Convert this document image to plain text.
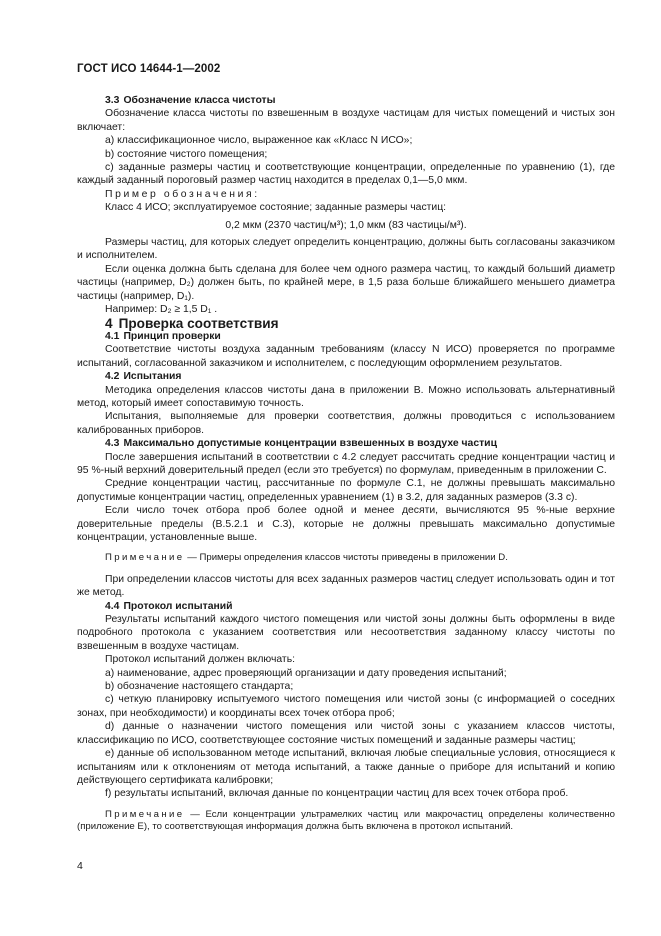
ГОСТ ИСО 14644-1—2002

3.3 Обозначение класса чистоты

Обозначение класса чистоты по взвешенным в воздухе частицам для чистых помещений и чистых зон включает:

a) классификационное число, выраженное как «Класс N ИСО»;

b) состояние чистого помещения;

c) заданные размеры частиц и соответствующие концентрации, определенные по уравнению (1), где каждый заданный пороговый размер частиц находится в пределах 0,1—5,0 мкм.

Пример обозначения:

Класс 4 ИСО; эксплуатируемое состояние; заданные размеры частиц:

0,2 мкм (2370 частиц/м³); 1,0 мкм (83 частицы/м³).

Размеры частиц, для которых следует определить концентрацию, должны быть согласованы заказчиком и исполнителем.

Если оценка должна быть сделана для более чем одного размера частиц, то каждый больший диаметр частицы (например, D₂) должен быть, по крайней мере, в 1,5 раза больше ближайшего меньшего диаметра частицы (например, D₁).

Например: D₂ ≥ 1,5 D₁ .

4 Проверка соответствия

4.1 Принцип проверки

Соответствие чистоты воздуха заданным требованиям (классу N ИСО) проверяется по программе испытаний, согласованной заказчиком и исполнителем, с последующим оформлением результатов.

4.2 Испытания

Методика определения классов чистоты дана в приложении В. Можно использовать альтернативный метод, который имеет сопоставимую точность.

Испытания, выполняемые для проверки соответствия, должны проводиться с использованием калиброванных приборов.

4.3 Максимально допустимые концентрации взвешенных в воздухе частиц

После завершения испытаний в соответствии с 4.2 следует рассчитать средние концентрации частиц и 95 %-ный верхний доверительный предел (если это требуется) по формулам, приведенным в приложении С.

Средние концентрации частиц, рассчитанные по формуле С.1, не должны превышать максимально допустимые концентрации частиц, определенных уравнением (1) в 3.2, для заданных размеров (3.3 с).

Если число точек отбора проб более одной и менее десяти, вычисляются 95 %-ные верхние доверительные пределы (В.5.2.1 и С.3), которые не должны превышать максимально допустимые концентрации, установленные выше.

Примечание — Примеры определения классов чистоты приведены в приложении D.

При определении классов чистоты для всех заданных размеров частиц следует использовать один и тот же метод.

4.4 Протокол испытаний

Результаты испытаний каждого чистого помещения или чистой зоны должны быть оформлены в виде подробного протокола с указанием соответствия или несоответствия заданному классу чистоты по взвешенным в воздухе частицам.

Протокол испытаний должен включать:

a) наименование, адрес проверяющий организации и дату проведения испытаний;

b) обозначение настоящего стандарта;

c) четкую планировку испытуемого чистого помещения или чистой зоны (с информацией о соседних зонах, при необходимости) и координаты всех точек отбора проб;

d) данные о назначении чистого помещения или чистой зоны с указанием классов чистоты, классификацию по ИСО, соответствующее состояние чистых помещений и заданные размеры частиц;

e) данные об использованном методе испытаний, включая любые специальные условия, относящиеся к испытаниям или к отклонениям от метода испытаний, а также данные о приборе для испытаний и копию действующего сертификата калибровки;

f) результаты испытаний, включая данные по концентрации частиц для всех точек отбора проб.

Примечание — Если концентрации ультрамелких частиц или макрочастиц определены количественно (приложение Е), то соответствующая информация должна быть включена в протокол испытаний.

4
